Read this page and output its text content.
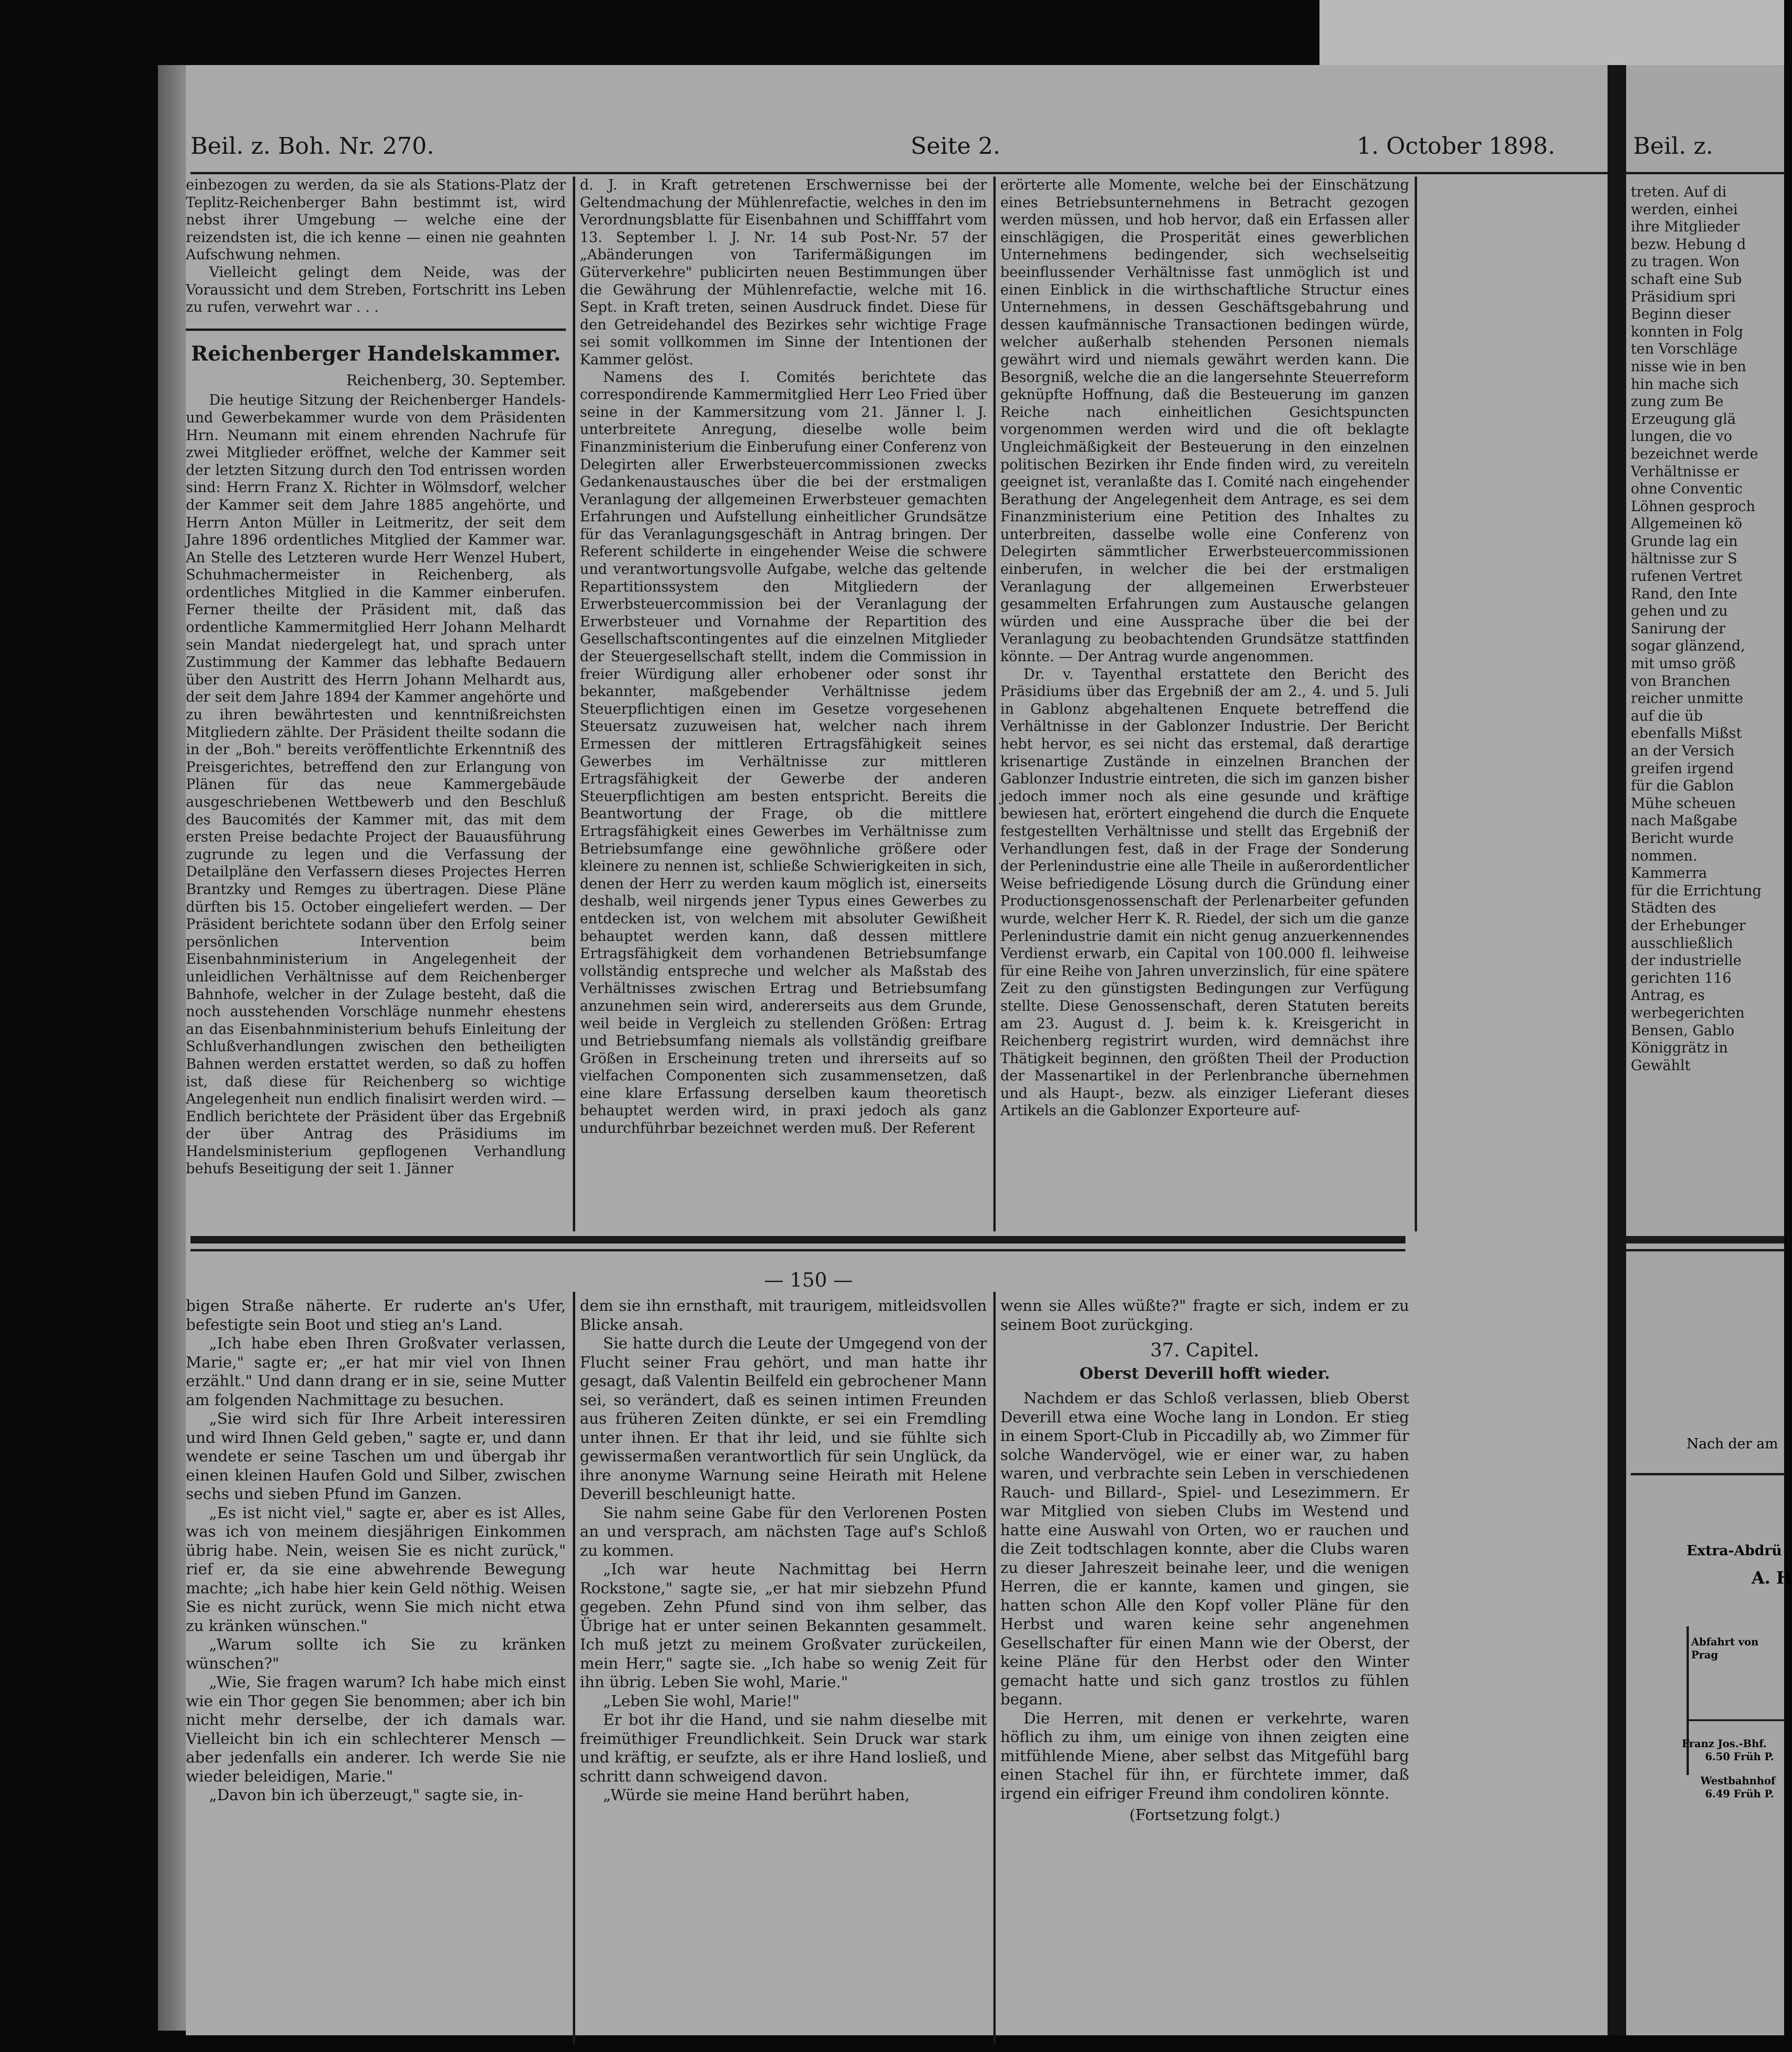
Beil. z. Boh. Nr. 270.	Seite 2.	1. October 1898.

einbezogen zu werden, da sie als Stations-Platz der Teplitz-Reichenberger Bahn bestimmt ist, wird nebst ihrer Umgebung — welche eine der reizendsten ist, die ich kenne — einen nie geahnten Aufschwung nehmen.

Vielleicht gelingt dem Neide, was der Voraussicht und dem Streben, Fortschritt ins Leben zu rufen, verwehrt war . . .

Reichenberger Handelskammer.
Reichenberg, 30. September.

Die heutige Sitzung der Reichenberger Handels- und Gewerbekammer wurde von dem Präsidenten Hrn. Neumann mit einem ehrenden Nachrufe für zwei Mitglieder eröffnet, welche der Kammer seit der letzten Sitzung durch den Tod entrissen worden sind: Herrn Franz X. Richter in Wölmsdorf, welcher der Kammer seit dem Jahre 1885 angehörte, und Herrn Anton Müller in Leitmeritz, der seit dem Jahre 1896 ordentliches Mitglied der Kammer war. An Stelle des Letzteren wurde Herr Wenzel Hubert, Schuhmachermeister in Reichenberg, als ordentliches Mitglied in die Kammer einberufen. Ferner theilte der Präsident mit, daß das ordentliche Kammermitglied Herr Johann Melhardt sein Mandat niedergelegt hat, und sprach unter Zustimmung der Kammer das lebhafte Bedauern über den Austritt des Herrn Johann Melhardt aus, der seit dem Jahre 1894 der Kammer angehörte und zu ihren bewährtesten und kenntnißreichsten Mitgliedern zählte. Der Präsident theilte sodann die in der „Boh." bereits veröffentlichte Erkenntniß des Preisgerichtes, betreffend den zur Erlangung von Plänen für das neue Kammergebäude ausgeschriebenen Wettbewerb und den Beschluß des Baucomités der Kammer mit, das mit dem ersten Preise bedachte Project der Bauausführung zugrunde zu legen und die Verfassung der Detailpläne den Verfassern dieses Projectes Herren Brantzky und Remges zu übertragen. Diese Pläne dürften bis 15. October eingeliefert werden. — Der Präsident berichtete sodann über den Erfolg seiner persönlichen Intervention beim Eisenbahnministerium in Angelegenheit der unleidlichen Verhältnisse auf dem Reichenberger Bahnhofe, welcher in der Zulage besteht, daß die noch ausstehenden Vorschläge nunmehr ehestens an das Eisenbahnministerium behufs Einleitung der Schlußverhandlungen zwischen den betheiligten Bahnen werden erstattet werden, so daß zu hoffen ist, daß diese für Reichenberg so wichtige Angelegenheit nun endlich finalisirt werden wird. — Endlich berichtete der Präsident über das Ergebniß der über Antrag des Präsidiums im Handelsministerium gepflogenen Verhandlung behufs Beseitigung der seit 1. Jänner

d. J. in Kraft getretenen Erschwernisse bei der Geltendmachung der Mühlenrefactie, welches in den im Verordnungsblatte für Eisenbahnen und Schifffahrt vom 13. September l. J. Nr. 14 sub Post-Nr. 57 der „Abänderungen von Tarifermäßigungen im Güterverkehre" publicirten neuen Bestimmungen über die Gewährung der Mühlenrefactie, welche mit 16. Sept. in Kraft treten, seinen Ausdruck findet. Diese für den Getreidehandel des Bezirkes sehr wichtige Frage sei somit vollkommen im Sinne der Intentionen der Kammer gelöst.

Namens des I. Comités berichtete das correspondirende Kammermitglied Herr Leo Fried über seine in der Kammersitzung vom 21. Jänner l. J. unterbreitete Anregung, dieselbe wolle beim Finanzministerium die Einberufung einer Conferenz von Delegirten aller Erwerbsteuercommissionen zwecks Gedankenaustausches über die bei der erstmaligen Veranlagung der allgemeinen Erwerbsteuer gemachten Erfahrungen und Aufstellung einheitlicher Grundsätze für das Veranlagungsgeschäft in Antrag bringen. Der Referent schilderte in eingehender Weise die schwere und verantwortungsvolle Aufgabe, welche das geltende Repartitionssystem den Mitgliedern der Erwerbsteuercommission bei der Veranlagung der Erwerbsteuer und Vornahme der Repartition des Gesellschaftscontingentes auf die einzelnen Mitglieder der Steuergesellschaft stellt, indem die Commission in freier Würdigung aller erhobener oder sonst ihr bekannter, maßgebender Verhältnisse jedem Steuerpflichtigen einen im Gesetze vorgesehenen Steuersatz zuzuweisen hat, welcher nach ihrem Ermessen der mittleren Ertragsfähigkeit seines Gewerbes im Verhältnisse zur mittleren Ertragsfähigkeit der Gewerbe der anderen Steuerpflichtigen am besten entspricht. Bereits die Beantwortung der Frage, ob die mittlere Ertragsfähigkeit eines Gewerbes im Verhältnisse zum Betriebsumfange eine gewöhnliche größere oder kleinere zu nennen ist, schließe Schwierigkeiten in sich, denen der Herr zu werden kaum möglich ist, einerseits deshalb, weil nirgends jener Typus eines Gewerbes zu entdecken ist, von welchem mit absoluter Gewißheit behauptet werden kann, daß dessen mittlere Ertragsfähigkeit dem vorhandenen Betriebsumfange vollständig entspreche und welcher als Maßstab des Verhältnisses zwischen Ertrag und Betriebsumfang anzunehmen sein wird, andererseits aus dem Grunde, weil beide in Vergleich zu stellenden Größen: Ertrag und Betriebsumfang niemals als vollständig greifbare Größen in Erscheinung treten und ihrerseits auf so vielfachen Componenten sich zusammensetzen, daß eine klare Erfassung derselben kaum theoretisch behauptet werden wird, in praxi jedoch als ganz undurchführbar bezeichnet werden muß. Der Referent

erörterte alle Momente, welche bei der Einschätzung eines Betriebsunternehmens in Betracht gezogen werden müssen, und hob hervor, daß ein Erfassen aller einschlägigen, die Prosperität eines gewerblichen Unternehmens bedingender, sich wechselseitig beeinflussender Verhältnisse fast unmöglich ist und einen Einblick in die wirthschaftliche Structur eines Unternehmens, in dessen Geschäftsgebahrung und dessen kaufmännische Transactionen bedingen würde, welcher außerhalb stehenden Personen niemals gewährt wird und niemals gewährt werden kann. Die Besorgniß, welche die an die langersehnte Steuerreform geknüpfte Hoffnung, daß die Besteuerung im ganzen Reiche nach einheitlichen Gesichtspuncten vorgenommen werden wird und die oft beklagte Ungleichmäßigkeit der Besteuerung in den einzelnen politischen Bezirken ihr Ende finden wird, zu vereiteln geeignet ist, veranlaßte das I. Comité nach eingehender Berathung der Angelegenheit dem Antrage, es sei dem Finanzministerium eine Petition des Inhaltes zu unterbreiten, dasselbe wolle eine Conferenz von Delegirten sämmtlicher Erwerbsteuercommissionen einberufen, in welcher die bei der erstmaligen Veranlagung der allgemeinen Erwerbsteuer gesammelten Erfahrungen zum Austausche gelangen würden und eine Aussprache über die bei der Veranlagung zu beobachtenden Grundsätze stattfinden könnte. — Der Antrag wurde angenommen.

Dr. v. Tayenthal erstattete den Bericht des Präsidiums über das Ergebniß der am 2., 4. und 5. Juli in Gablonz abgehaltenen Enquete betreffend die Verhältnisse in der Gablonzer Industrie. Der Bericht hebt hervor, es sei nicht das erstemal, daß derartige krisenartige Zustände in einzelnen Branchen der Gablonzer Industrie eintreten, die sich im ganzen bisher jedoch immer noch als eine gesunde und kräftige bewiesen hat, erörtert eingehend die durch die Enquete festgestellten Verhältnisse und stellt das Ergebniß der Verhandlungen fest, daß in der Frage der Sonderung der Perlenindustrie eine alle Theile in außerordentlicher Weise befriedigende Lösung durch die Gründung einer Productionsgenossenschaft der Perlenarbeiter gefunden wurde, welcher Herr K. R. Riedel, der sich um die ganze Perlenindustrie damit ein nicht genug anzuerkennendes Verdienst erwarb, ein Capital von 100.000 fl. leihweise für eine Reihe von Jahren unverzinslich, für eine spätere Zeit zu den günstigsten Bedingungen zur Verfügung stellte. Diese Genossenschaft, deren Statuten bereits am 23. August d. J. beim k. k. Kreisgericht in Reichenberg registrirt wurden, wird demnächst ihre Thätigkeit beginnen, den größten Theil der Production der Massenartikel in der Perlenbranche übernehmen und als Haupt-, bezw. als einziger Lieferant dieses Artikels an die Gablonzer Exporteure auf-

— 150 —

bigen Straße näherte. Er ruderte an's Ufer, befestigte sein Boot und stieg an's Land.

„Ich habe eben Ihren Großvater verlassen, Marie," sagte er; „er hat mir viel von Ihnen erzählt." Und dann drang er in sie, seine Mutter am folgenden Nachmittage zu besuchen.

„Sie wird sich für Ihre Arbeit interessiren und wird Ihnen Geld geben," sagte er, und dann wendete er seine Taschen um und übergab ihr einen kleinen Haufen Gold und Silber, zwischen sechs und sieben Pfund im Ganzen.

„Es ist nicht viel," sagte er, aber es ist Alles, was ich von meinem diesjährigen Einkommen übrig habe. Nein, weisen Sie es nicht zurück," rief er, da sie eine abwehrende Bewegung machte; „ich habe hier kein Geld nöthig. Weisen Sie es nicht zurück, wenn Sie mich nicht etwa zu kränken wünschen."

„Warum sollte ich Sie zu kränken wünschen?"

„Wie, Sie fragen warum? Ich habe mich einst wie ein Thor gegen Sie benommen; aber ich bin nicht mehr derselbe, der ich damals war. Vielleicht bin ich ein schlechterer Mensch — aber jedenfalls ein anderer. Ich werde Sie nie wieder beleidigen, Marie."

„Davon bin ich überzeugt," sagte sie, in-

dem sie ihn ernsthaft, mit traurigem, mitleidsvollen Blicke ansah.

Sie hatte durch die Leute der Umgegend von der Flucht seiner Frau gehört, und man hatte ihr gesagt, daß Valentin Beilfeld ein gebrochener Mann sei, so verändert, daß es seinen intimen Freunden aus früheren Zeiten dünkte, er sei ein Fremdling unter ihnen. Er that ihr leid, und sie fühlte sich gewissermaßen verantwortlich für sein Unglück, da ihre anonyme Warnung seine Heirath mit Helene Deverill beschleunigt hatte.

Sie nahm seine Gabe für den Verlorenen Posten an und versprach, am nächsten Tage auf's Schloß zu kommen.

„Ich war heute Nachmittag bei Herrn Rockstone," sagte sie, „er hat mir siebzehn Pfund gegeben. Zehn Pfund sind von ihm selber, das Übrige hat er unter seinen Bekannten gesammelt. Ich muß jetzt zu meinem Großvater zurückeilen, mein Herr," sagte sie. „Ich habe so wenig Zeit für ihn übrig. Leben Sie wohl, Marie."

„Leben Sie wohl, Marie!"

Er bot ihr die Hand, und sie nahm dieselbe mit freimüthiger Freundlichkeit. Sein Druck war stark und kräftig, er seufzte, als er ihre Hand losließ, und schritt dann schweigend davon.

„Würde sie meine Hand berührt haben,

wenn sie Alles wüßte?" fragte er sich, indem er zu seinem Boot zurückging.

37. Capitel.
Oberst Deverill hofft wieder.

Nachdem er das Schloß verlassen, blieb Oberst Deverill etwa eine Woche lang in London. Er stieg in einem Sport-Club in Piccadilly ab, wo Zimmer für solche Wandervögel, wie er einer war, zu haben waren, und verbrachte sein Leben in verschiedenen Rauch- und Billard-, Spiel- und Lesezimmern. Er war Mitglied von sieben Clubs im Westend und hatte eine Auswahl von Orten, wo er rauchen und die Zeit todtschlagen konnte, aber die Clubs waren zu dieser Jahreszeit beinahe leer, und die wenigen Herren, die er kannte, kamen und gingen, sie hatten schon Alle den Kopf voller Pläne für den Herbst und waren keine sehr angenehmen Gesellschafter für einen Mann wie der Oberst, der keine Pläne für den Herbst oder den Winter gemacht hatte und sich ganz trostlos zu fühlen begann.

Die Herren, mit denen er verkehrte, waren höflich zu ihm, um einige von ihnen zeigten eine mitfühlende Miene, aber selbst das Mitgefühl barg einen Stachel für ihn, er fürchtete immer, daß irgend ein eifriger Freund ihm condoliren könnte.

(Fortsetzung folgt.)
Beil. z.
treten. Auf di
werden, einhei
ihre Mitglieder
bezw. Hebung d
zu tragen. Won
schaft eine Sub
Präsidium spri
Beginn dieser
konnten in Folg
ten Vorschläge
nisse wie in ben
hin mache sich
zung zum Be
Erzeugung glä
lungen, die vo
bezeichnet werde
Verhältnisse er
ohne Conventic
Löhnen gesproch
Allgemeinen kö
Grunde lag ein
hältnisse zur S
rufenen Vertret
Rand, den Inte
gehen und zu
Sanirung der
sogar glänzend,
mit umso größ
von Branchen
reicher unmitte
auf die üb
ebenfalls Mißst
an der Versich
greifen irgend
für die Gablon
Mühe scheuen
nach Maßgabe
Bericht wurde
nommen.
Kammerra
für die Errichtung
Städten des
der Erhebunger
ausschließlich
der industrielle
gerichten 116
Antrag, es
werbegerichten
Bensen, Gablo
Königgrätz in
Gewählt
Nach der am
Extra-Abdrü
A. H
Abfahrt von Prag
Franz Jos.-Bhf.
6.50 Früh P.
Westbahnhof
6.49 Früh P.
